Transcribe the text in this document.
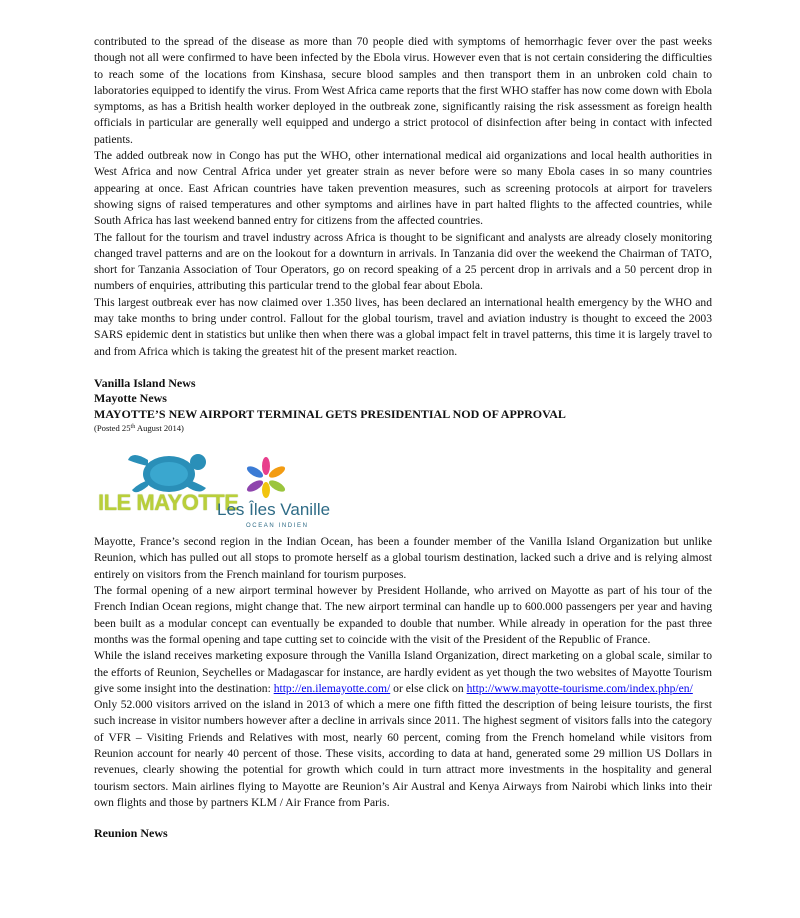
contributed to the spread of the disease as more than 70 people died with symptoms of hemorrhagic fever over the past weeks though not all were confirmed to have been infected by the Ebola virus. However even that is not certain considering the difficulties to reach some of the locations from Kinshasa, secure blood samples and then transport them in an unbroken cold chain to laboratories equipped to identify the virus. From West Africa came reports that the first WHO staffer has now come down with Ebola symptoms, as has a British health worker deployed in the outbreak zone, significantly raising the risk assessment as foreign health officials in particular are generally well equipped and undergo a strict protocol of disinfection after being in contact with infected patients.

The added outbreak now in Congo has put the WHO, other international medical aid organizations and local health authorities in West Africa and now Central Africa under yet greater strain as never before were so many Ebola cases in so many countries appearing at once. East African countries have taken prevention measures, such as screening protocols at airport for travelers showing signs of raised temperatures and other symptoms and airlines have in part halted flights to the affected countries, while South Africa has last weekend banned entry for citizens from the affected countries.

The fallout for the tourism and travel industry across Africa is thought to be significant and analysts are already closely monitoring changed travel patterns and are on the lookout for a downturn in arrivals. In Tanzania did over the weekend the Chairman of TATO, short for Tanzania Association of Tour Operators, go on record speaking of a 25 percent drop in arrivals and a 50 percent drop in numbers of enquiries, attributing this particular trend to the global fear about Ebola.

This largest outbreak ever has now claimed over 1.350 lives, has been declared an international health emergency by the WHO and may take months to bring under control. Fallout for the global tourism, travel and aviation industry is thought to exceed the 2003 SARS epidemic dent in statistics but unlike then when there was a global impact felt in travel patterns, this time it is largely travel to and from Africa which is taking the greatest hit of the present market reaction.

Vanilla Island News
Mayotte News
MAYOTTE’S NEW AIRPORT TERMINAL GETS PRESIDENTIAL NOD OF APPROVAL
(Posted 25th August 2014)
ILE MAYOTTE
Les Îles Vanille
OCEAN INDIEN

Mayotte, France’s second region in the Indian Ocean, has been a founder member of the Vanilla Island Organization but unlike Reunion, which has pulled out all stops to promote herself as a global tourism destination, lacked such a drive and is relying almost entirely on visitors from the French mainland for tourism purposes.

The formal opening of a new airport terminal however by President Hollande, who arrived on Mayotte as part of his tour of the French Indian Ocean regions, might change that. The new airport terminal can handle up to 600.000 passengers per year and having been built as a modular concept can eventually be expanded to double that number. While already in operation for the past three months was the formal opening and tape cutting set to coincide with the visit of the President of the Republic of France.

While the island receives marketing exposure through the Vanilla Island Organization, direct marketing on a global scale, similar to the efforts of Reunion, Seychelles or Madagascar for instance, are hardly evident as yet though the two websites of Mayotte Tourism give some insight into the destination: http://en.ilemayotte.com/ or else click on http://www.mayotte-tourisme.com/index.php/en/

Only 52.000 visitors arrived on the island in 2013 of which a mere one fifth fitted the description of being leisure tourists, the first such increase in visitor numbers however after a decline in arrivals since 2011. The highest segment of visitors falls into the category of VFR – Visiting Friends and Relatives with most, nearly 60 percent, coming from the French homeland while visitors from Reunion account for nearly 40 percent of those. These visits, according to data at hand, generated some 29 million US Dollars in revenues, clearly showing the potential for growth which could in turn attract more investments in the hospitality and general tourism sectors. Main airlines flying to Mayotte are Reunion’s Air Austral and Kenya Airways from Nairobi which links into their own flights and those by partners KLM / Air France from Paris.

Reunion News
